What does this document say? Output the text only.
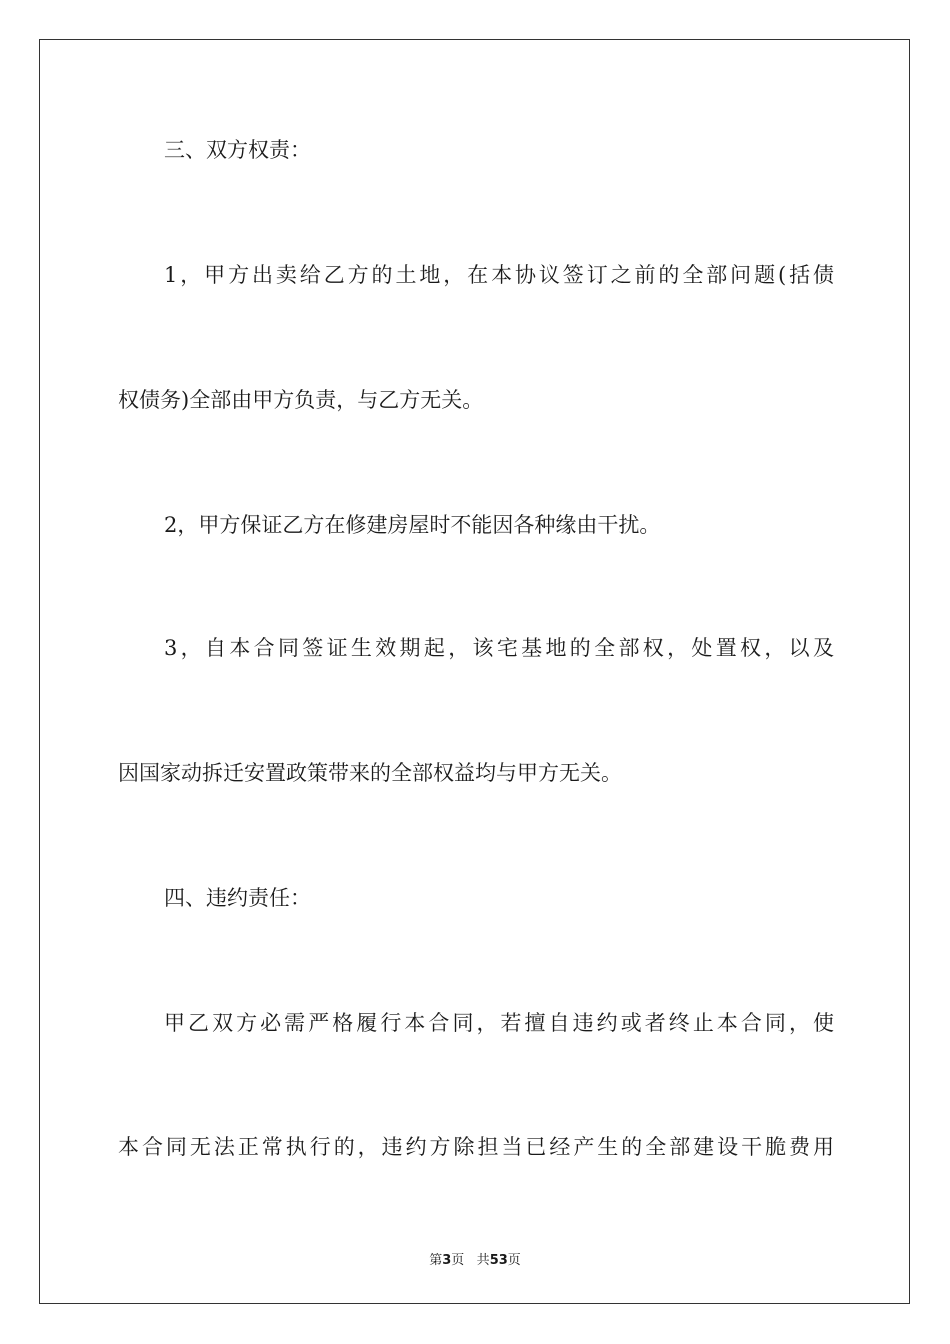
三、双方权责：
1，甲方出卖给乙方的土地，在本协议签订之前的全部问题(括债
权债务)全部由甲方负责，与乙方无关。
2，甲方保证乙方在修建房屋时不能因各种缘由干扰。
3，自本合同签证生效期起，该宅基地的全部权，处置权，以及
因国家动拆迁安置政策带来的全部权益均与甲方无关。
四、违约责任：
甲乙双方必需严格履行本合同，若擅自违约或者终止本合同，使
本合同无法正常执行的，违约方除担当已经产生的全部建设干脆费用
第3页 共53页
